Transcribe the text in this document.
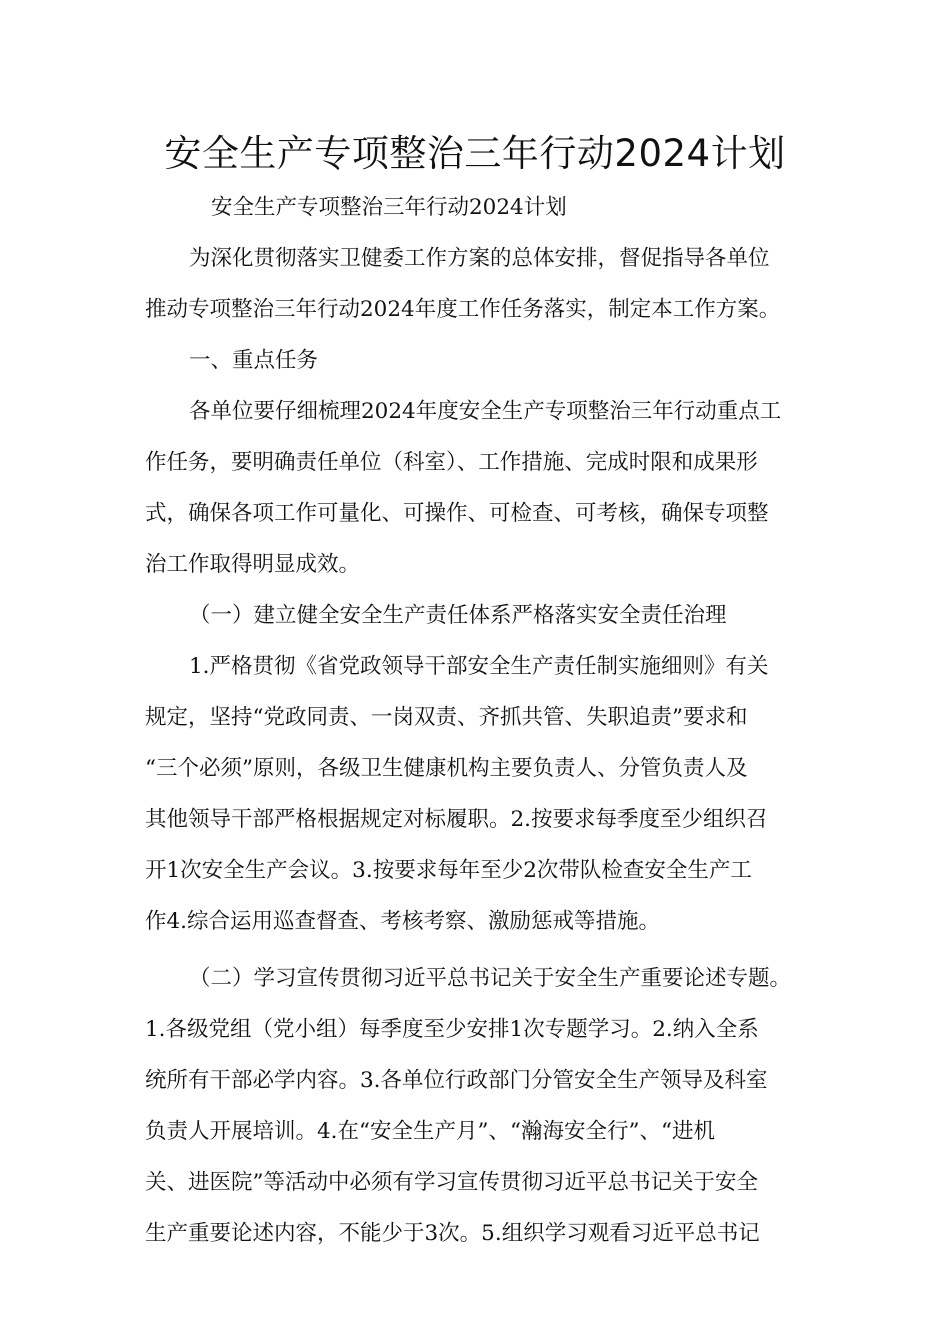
安全生产专项整治三年行动2024计划

安全生产专项整治三年行动2024计划

为深化贯彻落实卫健委工作方案的总体安排，督促指导各单位

推动专项整治三年行动2024年度工作任务落实，制定本工作方案。

一、重点任务

各单位要仔细梳理2024年度安全生产专项整治三年行动重点工

作任务，要明确责任单位（科室）、工作措施、完成时限和成果形

式，确保各项工作可量化、可操作、可检查、可考核，确保专项整

治工作取得明显成效。

（一）建立健全安全生产责任体系严格落实安全责任治理

1.严格贯彻《省党政领导干部安全生产责任制实施细则》有关

规定，坚持“党政同责、一岗双责、齐抓共管、失职追责”要求和

“三个必须”原则，各级卫生健康机构主要负责人、分管负责人及

其他领导干部严格根据规定对标履职。2.按要求每季度至少组织召

开1次安全生产会议。3.按要求每年至少2次带队检查安全生产工

作4.综合运用巡查督查、考核考察、激励惩戒等措施。

（二）学习宣传贯彻习近平总书记关于安全生产重要论述专题。

1.各级党组（党小组）每季度至少安排1次专题学习。2.纳入全系

统所有干部必学内容。3.各单位行政部门分管安全生产领导及科室

负责人开展培训。4.在“安全生产月”、“瀚海安全行”、“进机

关、进医院”等活动中必须有学习宣传贯彻习近平总书记关于安全

生产重要论述内容，不能少于3次。5.组织学习观看习近平总书记
